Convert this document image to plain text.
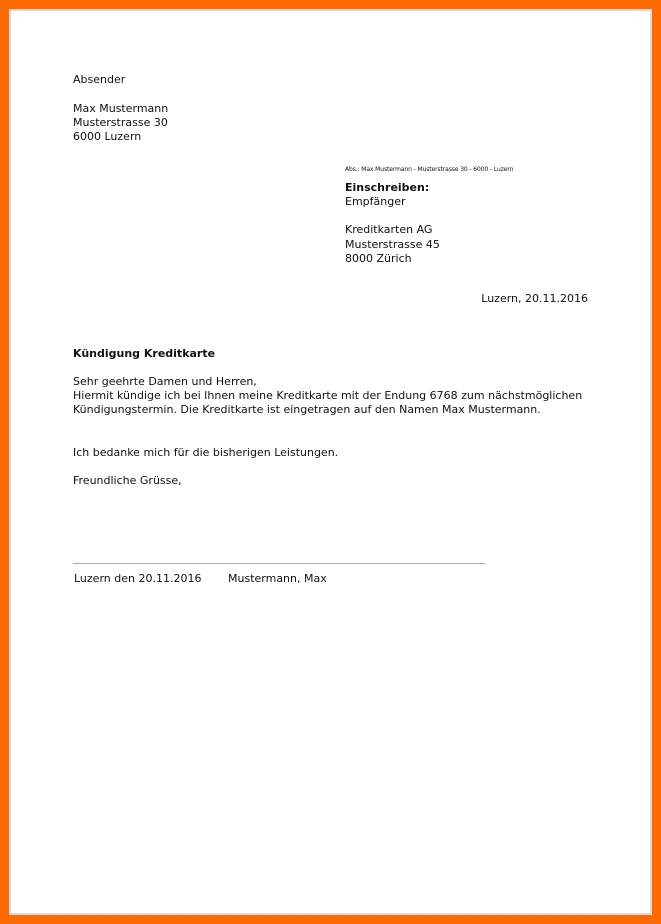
Absender
Max Mustermann
Musterstrasse 30
6000 Luzern
Abs.: Max Mustermann - Musterstrasse 30 - 6000 - Luzern
Einschreiben:
Empfänger
Kreditkarten AG
Musterstrasse 45
8000 Zürich
Luzern, 20.11.2016
Kündigung Kreditkarte
Sehr geehrte Damen und Herren,
Hiermit kündige ich bei Ihnen meine Kreditkarte mit der Endung 6768 zum nächstmöglichen
Kündigungstermin. Die Kreditkarte ist eingetragen auf den Namen Max Mustermann.
Ich bedanke mich für die bisherigen Leistungen.
Freundliche Grüsse,
Luzern den 20.11.2016 Mustermann, Max
